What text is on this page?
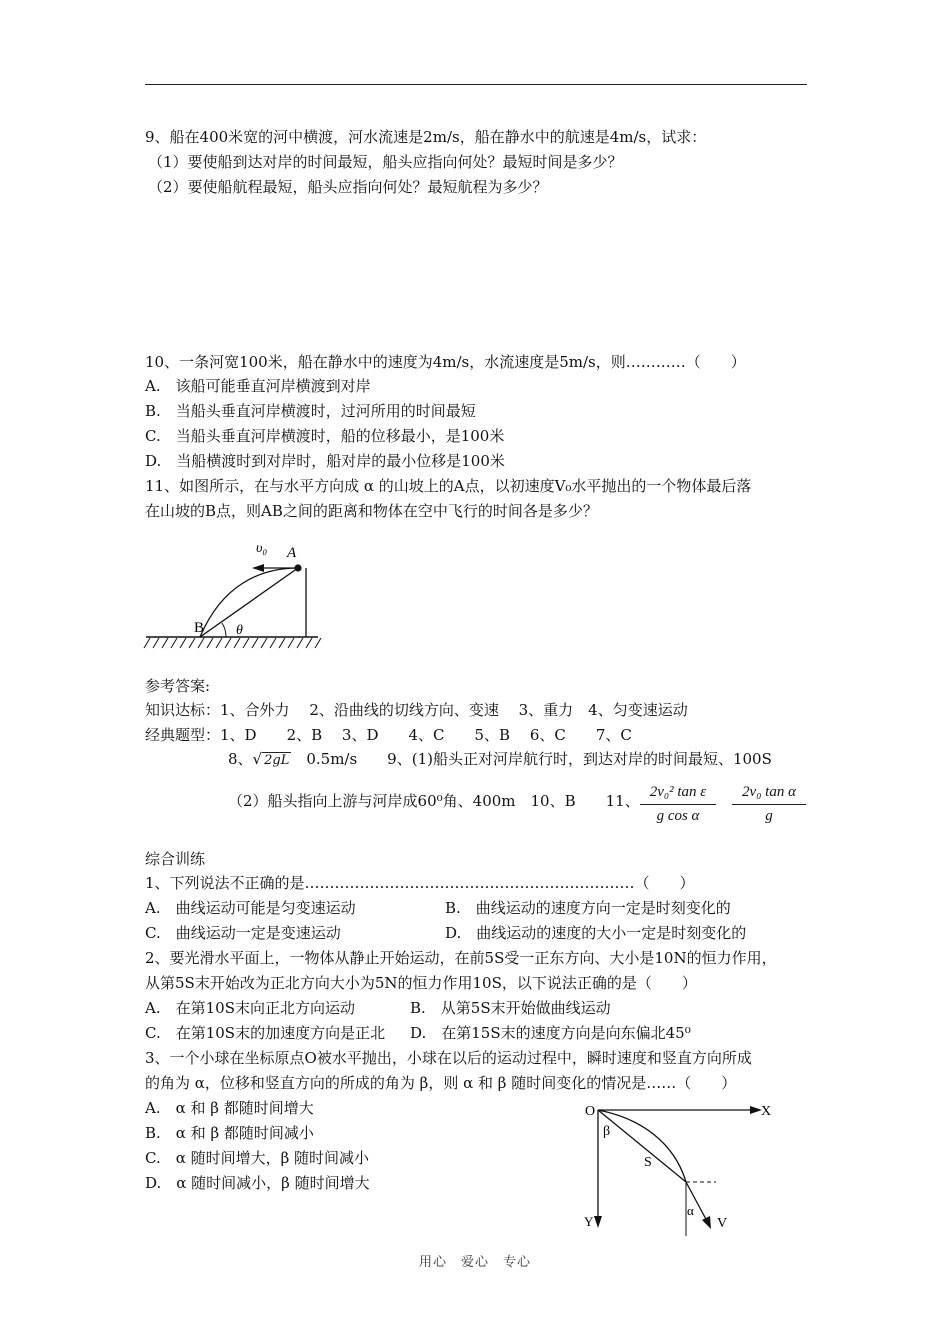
9、船在400米宽的河中横渡，河水流速是2m/s，船在静水中的航速是4m/s，试求：
（1）要使船到达对岸的时间最短，船头应指向何处？最短时间是多少？
（2）要使船航程最短，船头应指向何处？最短航程为多少？
10、一条河宽100米，船在静水中的速度为4m/s，水流速度是5m/s，则…………（　　）
A.　该船可能垂直河岸横渡到对岸
B.　当船头垂直河岸横渡时，过河所用的时间最短
C.　当船头垂直河岸横渡时，船的位移最小，是100米
D.　当船横渡时到对岸时，船对岸的最小位移是100米
11、如图所示，在与水平方向成 α 的山坡上的A点，以初速度V₀水平抛出的一个物体最后落
在山坡的B点，则AB之间的距离和物体在空中飞行的时间各是多少？
υ₀ A
B θ
参考答案:
知识达标：1、合外力　 2、沿曲线的切线方向、变速　 3、重力　4、匀变速运动
经典题型：1、D　　2、B　 3、D　　4、C　　5、B　 6、C　　7、C
8、√ 2gL　0.5m/s　　9、(1)船头正对河岸航行时，到达对岸的时间最短、100S
（2）船头指向上游与河岸成60⁰角、400m　10、B　　11、 2v₀² tan ε
g cos α
2v₀ tan α
g
综合训练
1、下列说法不正确的是…………………………………………………………（　　）
A.　曲线运动可能是匀变速运动	B.　曲线运动的速度方向一定是时刻变化的
C.　曲线运动一定是变速运动	D.　曲线运动的速度的大小一定是时刻变化的
2、要光滑水平面上，一物体从静止开始运动，在前5S受一正东方向、大小是10N的恒力作用，
从第5S末开始改为正北方向大小为5N的恒力作用10S，以下说法正确的是（　　）
A.　在第10S末向正北方向运动	B.　从第5S末开始做曲线运动
C.　在第10S末的加速度方向是正北 D.　在第15S末的速度方向是向东偏北45⁰
3、一个小球在坐标原点O被水平抛出，小球在以后的运动过程中，瞬时速度和竖直方向所成
的角为 α，位移和竖直方向的所成的角为 β，则 α 和 β 随时间变化的情况是……（　　）
A.　α 和 β 都随时间增大
B.　α 和 β 都随时间减小
C.　α 随时间增大，β 随时间减小
D.　α 随时间减小，β 随时间增大
O	X
Y
β
S
α
V
用心　爱心　专心
